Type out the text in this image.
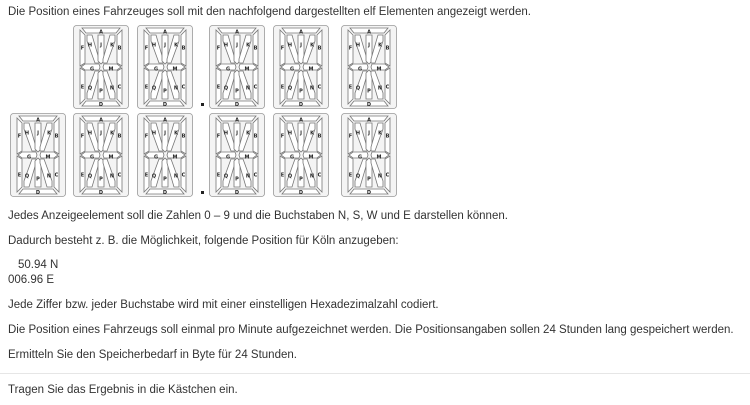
Die Position eines Fahrzeuges soll mit den nachfolgend dargestellten elf Elementen angezeigt werden.
A
F H J K B
G	M
E Q P N C
D
A
F H J K B
G	M
E Q P N C
D
A
F H J K B
G	M
E Q P N C
D
A
F H J K B
G	M
E Q P N C
D
A
F H J K B
G	M
E Q P N C
D
A
F H J K B
G	M
E Q P N C
D
A
F H J K B
G	M
E Q P N C
D
A
F H J K B
G	M
E Q P N C
D
A
F H J K B
G	M
E Q P N C
D
A
F H J K B
G	M
E Q P N C
D
A
F H J K B
G	M
E Q P N C
D
Jedes Anzeigeelement soll die Zahlen 0 – 9 und die Buchstaben N, S, W und E darstellen können.
Dadurch besteht z. B. die Möglichkeit, folgende Position für Köln anzugeben:
50.94 N
006.96 E
Jede Ziffer bzw. jeder Buchstabe wird mit einer einstelligen Hexadezimalzahl codiert.
Die Position eines Fahrzeugs soll einmal pro Minute aufgezeichnet werden. Die Positionsangaben sollen 24 Stunden lang gespeichert werden.
Ermitteln Sie den Speicherbedarf in Byte für 24 Stunden.
Tragen Sie das Ergebnis in die Kästchen ein.
